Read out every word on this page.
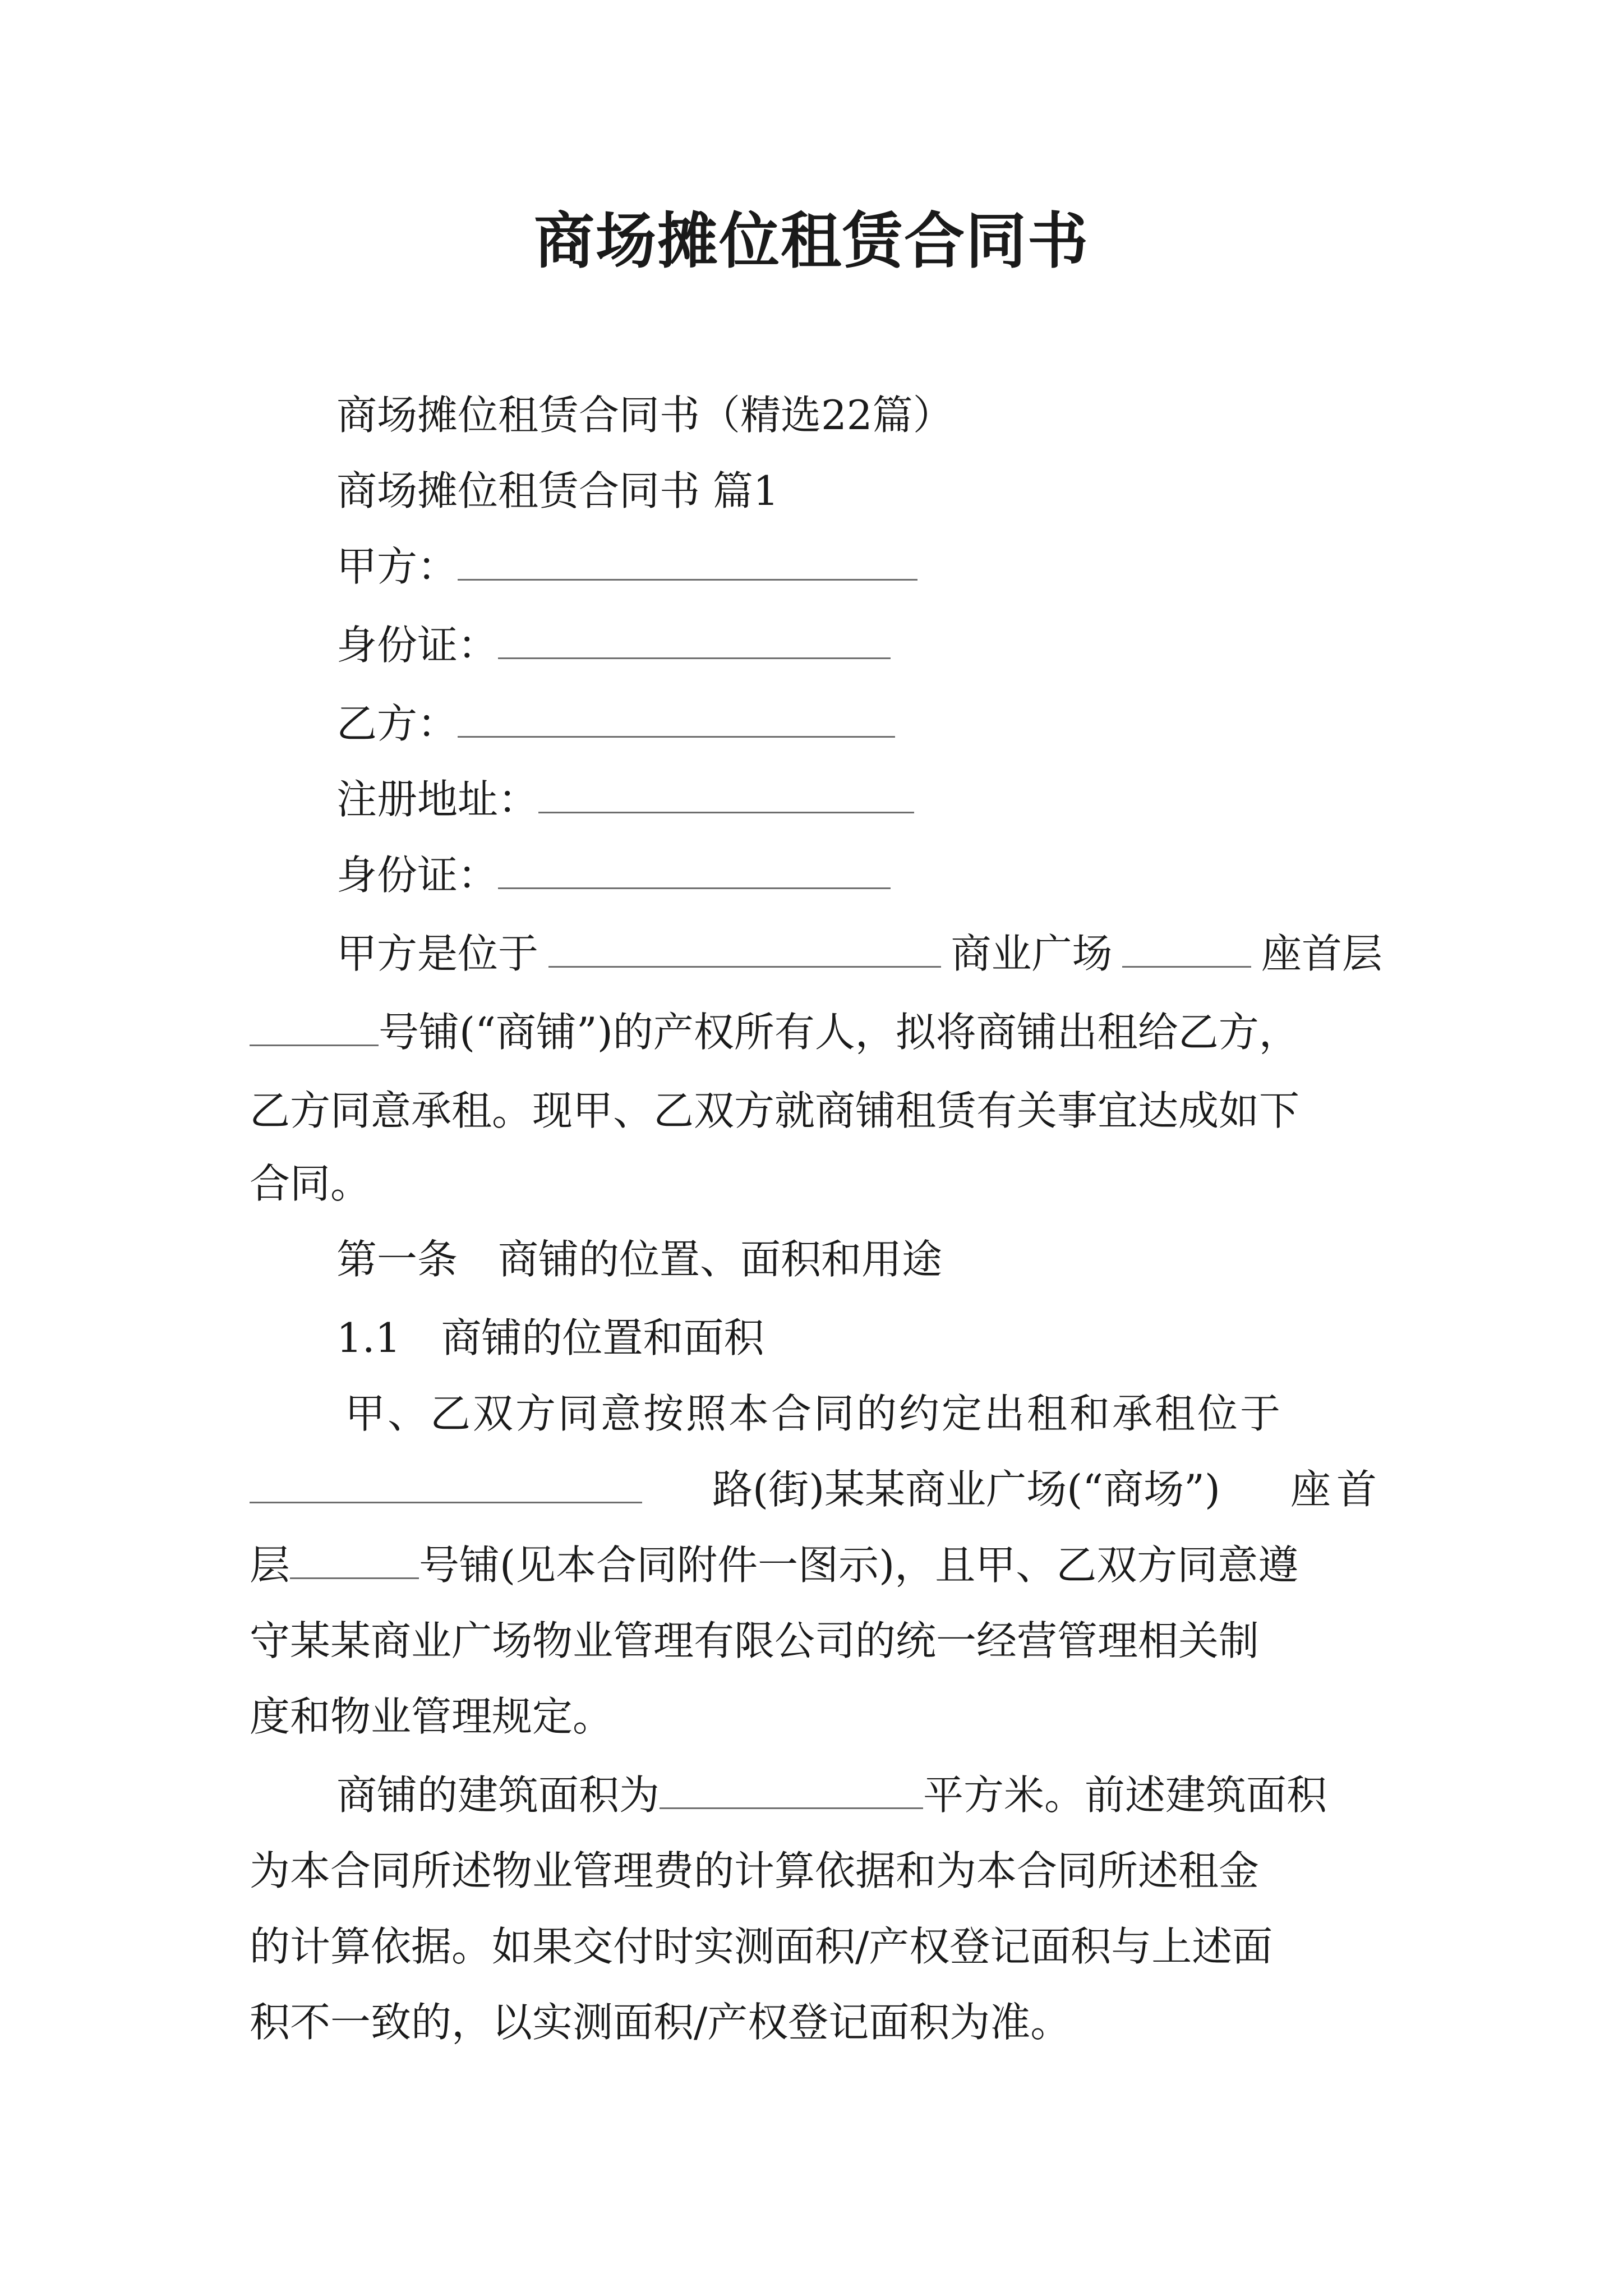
商场摊位租赁合同书
商场摊位租赁合同书（精选22篇）
商场摊位租赁合同书 篇1
甲方：
身份证：
乙方：
注册地址：
身份证：
甲方是位于	商业广场	座首层
号铺(“商铺”)的产权所有人，拟将商铺出租给乙方，
乙方同意承租。现甲、乙双方就商铺租赁有关事宜达成如下
合同。
第一条　商铺的位置、面积和用途
1.1　商铺的位置和面积
甲、乙双方同意按照本合同的约定出租和承租位于
路(街)某某商业广场(“商场”) 座首
层	号铺(见本合同附件一图示)，且甲、乙双方同意遵
守某某商业广场物业管理有限公司的统一经营管理相关制
度和物业管理规定。
商铺的建筑面积为	平方米。前述建筑面积
为本合同所述物业管理费的计算依据和为本合同所述租金
的计算依据。如果交付时实测面积/产权登记面积与上述面
积不一致的，以实测面积/产权登记面积为准。
